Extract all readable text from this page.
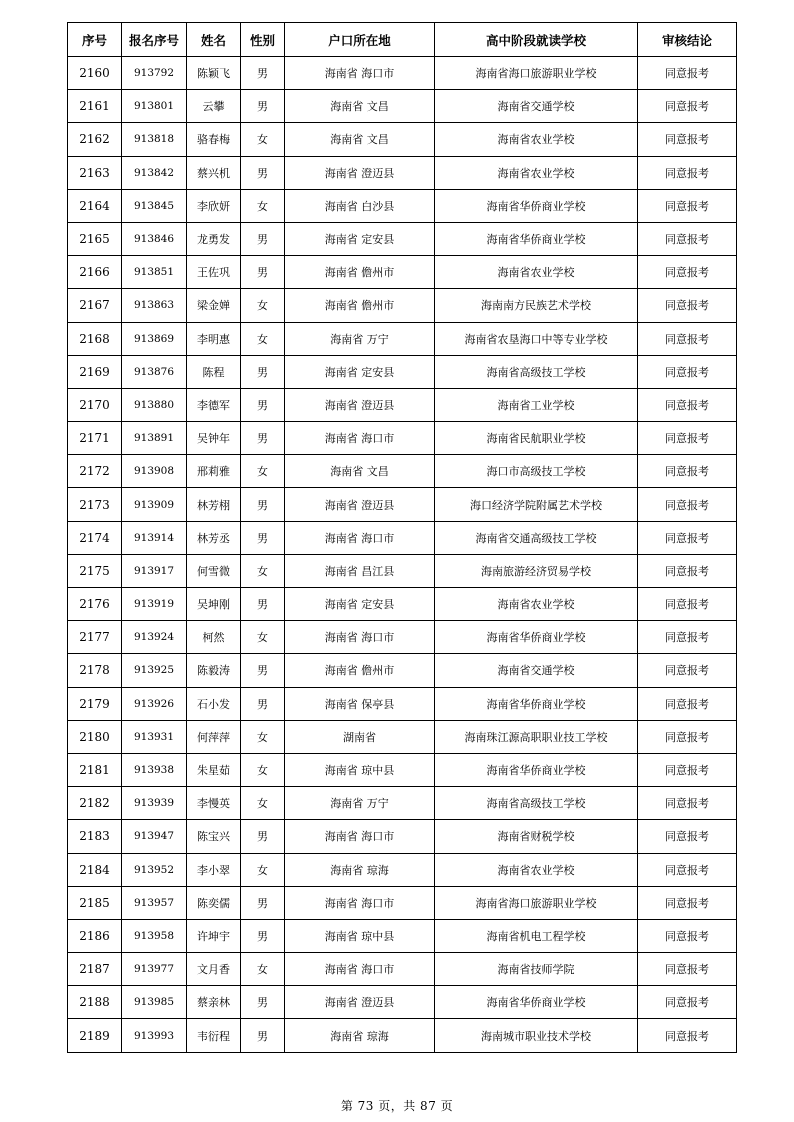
序号	报名序号	姓名	性别	户口所在地	高中阶段就读学校	审核结论
2160	913792	陈颖飞	男	海南省 海口市	海南省海口旅游职业学校	同意报考
2161	913801	云攀	男	海南省 文昌	海南省交通学校	同意报考
2162	913818	骆春梅	女	海南省 文昌	海南省农业学校	同意报考
2163	913842	蔡兴机	男	海南省 澄迈县	海南省农业学校	同意报考
2164	913845	李欣妍	女	海南省 白沙县	海南省华侨商业学校	同意报考
2165	913846	龙勇发	男	海南省 定安县	海南省华侨商业学校	同意报考
2166	913851	王佐巩	男	海南省 儋州市	海南省农业学校	同意报考
2167	913863	梁金婵	女	海南省 儋州市	海南南方民族艺术学校	同意报考
2168	913869	李明惠	女	海南省 万宁	海南省农垦海口中等专业学校	同意报考
2169	913876	陈程	男	海南省 定安县	海南省高级技工学校	同意报考
2170	913880	李德军	男	海南省 澄迈县	海南省工业学校	同意报考
2171	913891	吴钟年	男	海南省 海口市	海南省民航职业学校	同意报考
2172	913908	邢莉雅	女	海南省 文昌	海口市高级技工学校	同意报考
2173	913909	林芳栩	男	海南省 澄迈县	海口经济学院附属艺术学校	同意报考
2174	913914	林芳丞	男	海南省 海口市	海南省交通高级技工学校	同意报考
2175	913917	何雪微	女	海南省 昌江县	海南旅游经济贸易学校	同意报考
2176	913919	吴坤刚	男	海南省 定安县	海南省农业学校	同意报考
2177	913924	柯然	女	海南省 海口市	海南省华侨商业学校	同意报考
2178	913925	陈毅涛	男	海南省 儋州市	海南省交通学校	同意报考
2179	913926	石小发	男	海南省 保亭县	海南省华侨商业学校	同意报考
2180	913931	何萍萍	女	湖南省	海南珠江源高职职业技工学校	同意报考
2181	913938	朱星茹	女	海南省 琼中县	海南省华侨商业学校	同意报考
2182	913939	李慢英	女	海南省 万宁	海南省高级技工学校	同意报考
2183	913947	陈宝兴	男	海南省 海口市	海南省财税学校	同意报考
2184	913952	李小翠	女	海南省 琼海	海南省农业学校	同意报考
2185	913957	陈奕儒	男	海南省 海口市	海南省海口旅游职业学校	同意报考
2186	913958	许坤宇	男	海南省 琼中县	海南省机电工程学校	同意报考
2187	913977	文月香	女	海南省 海口市	海南省技师学院	同意报考
2188	913985	蔡亲林	男	海南省 澄迈县	海南省华侨商业学校	同意报考
2189	913993	韦衍程	男	海南省 琼海	海南城市职业技术学校	同意报考
第 73 页，共 87 页
